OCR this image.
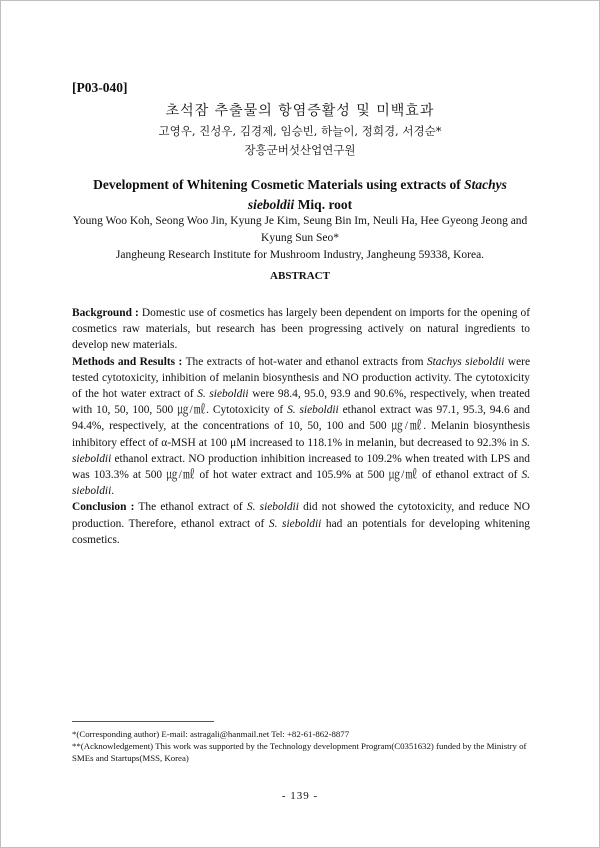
[P03-040]
초석잠 추출물의 항염증활성 및 미백효과
고영우, 진성우, 김경제, 임승빈, 하늘이, 정희경, 서경순*
장흥군버섯산업연구원
Development of Whitening Cosmetic Materials using extracts of Stachys
sieboldii Miq. root
Young Woo Koh, Seong Woo Jin, Kyung Je Kim, Seung Bin Im, Neuli Ha, Hee Gyeong Jeong and Kyung Sun Seo*
Jangheung Research Institute for Mushroom Industry, Jangheung 59338, Korea.
ABSTRACT

Background : Domestic use of cosmetics has largely been dependent on imports for the opening of cosmetics raw materials, but research has been progressing actively on natural ingredients to develop new materials.

Methods and Results : The extracts of hot‐water and ethanol extracts from Stachys sieboldii were tested cytotoxicity, inhibition of melanin biosynthesis and NO production activity. The cytotoxicity of the hot water extract of S. sieboldii were 98.4, 95.0, 93.9 and 90.6%, respectively, when treated with 10, 50, 100, 500 ㎍/㎖. Cytotoxicity of S. sieboldii ethanol extract was 97.1, 95.3, 94.6 and 94.4%, respectively, at the concentrations of 10, 50, 100 and 500 ㎍/㎖. Melanin biosynthesis inhibitory effect of α-MSH at 100 μM increased to 118.1% in melanin, but decreased to 92.3% in S. sieboldii ethanol extract. NO production inhibition increased to 109.2% when treated with LPS and was 103.3% at 500 ㎍/㎖ of hot water extract and 105.9% at 500 ㎍/㎖ of ethanol extract of S. sieboldii.

Conclusion : The ethanol extract of S. sieboldii did not showed the cytotoxicity, and reduce NO production. Therefore, ethanol extract of S. sieboldii had an potentials for developing whitening cosmetics.

*(Corresponding author) E-mail: astragali@hanmail.net Tel: +82-61-862-8877
**(Acknowledgement) This work was supported by the Technology development Program(C0351632) funded by the Ministry of SMEs and Startups(MSS, Korea)
- 139 -
